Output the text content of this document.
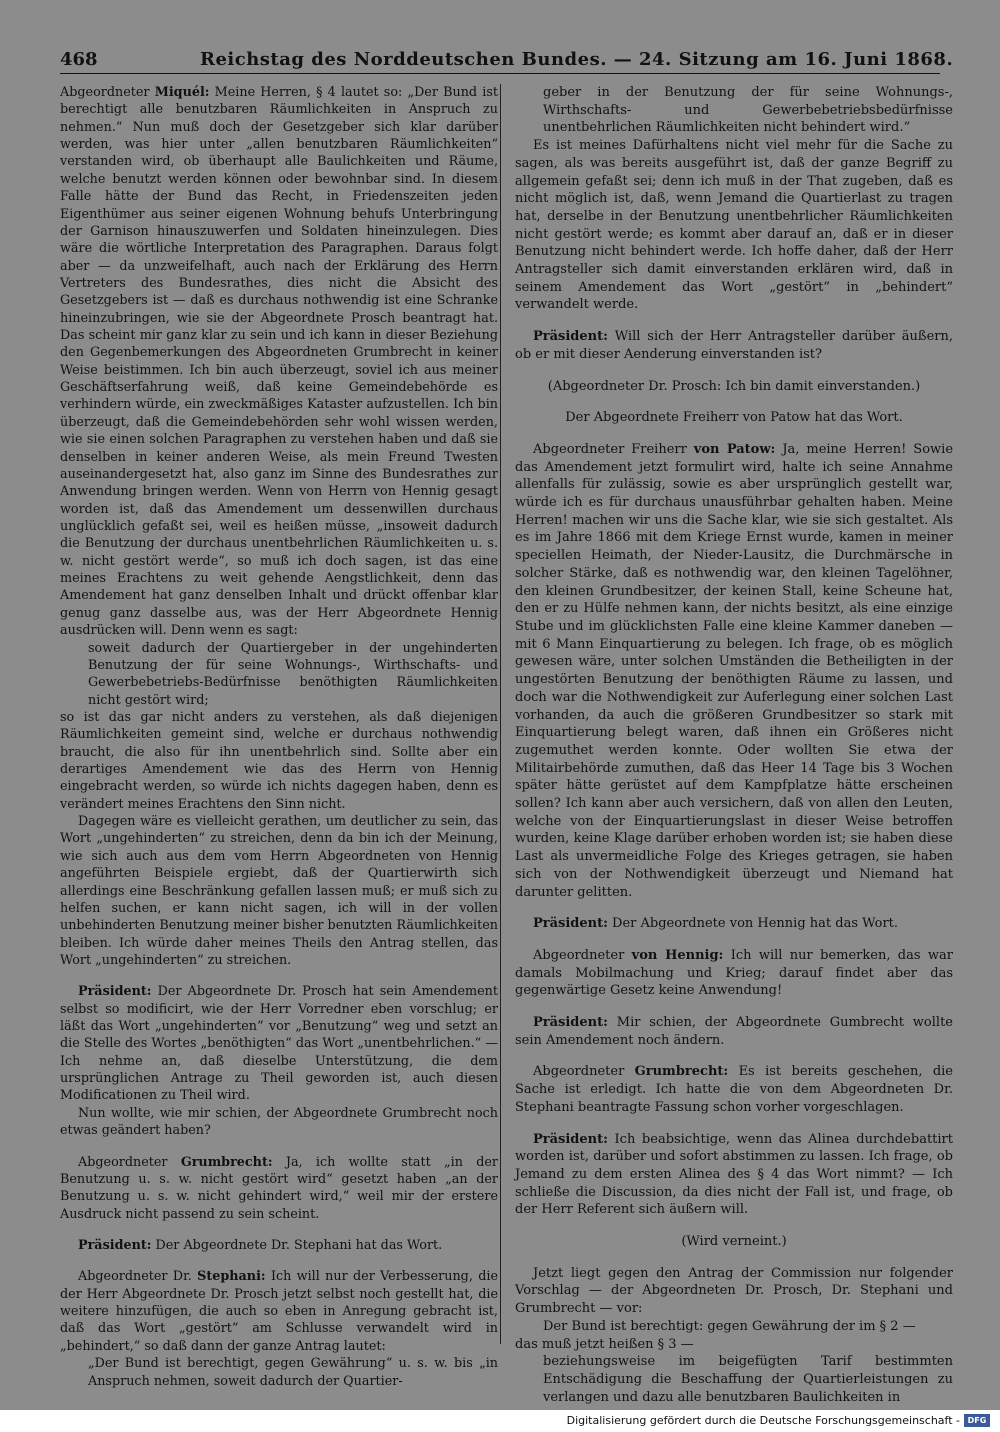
468	Reichstag des Norddeutschen Bundes. — 24. Sitzung am 16. Juni 1868.

Abgeordneter Miquél: Meine Herren, § 4 lautet so: „Der Bund ist berechtigt alle benutzbaren Räumlichkeiten in Anspruch zu nehmen.“ Nun muß doch der Gesetzgeber sich klar darüber werden, was hier unter „allen benutzbaren Räumlichkeiten“ verstanden wird, ob überhaupt alle Baulichkeiten und Räume, welche benutzt werden können oder bewohnbar sind. In diesem Falle hätte der Bund das Recht, in Friedenszeiten jeden Eigenthümer aus seiner eigenen Wohnung behufs Unterbringung der Garnison hinauszuwerfen und Soldaten hineinzulegen. Dies wäre die wörtliche Interpretation des Paragraphen. Daraus folgt aber — da unzweifelhaft, auch nach der Erklärung des Herrn Vertreters des Bundesrathes, dies nicht die Absicht des Gesetzgebers ist — daß es durchaus nothwendig ist eine Schranke hineinzubringen, wie sie der Abgeordnete Prosch beantragt hat. Das scheint mir ganz klar zu sein und ich kann in dieser Beziehung den Gegenbemerkungen des Abgeordneten Grumbrecht in keiner Weise beistimmen. Ich bin auch überzeugt, soviel ich aus meiner Geschäftserfahrung weiß, daß keine Gemeindebehörde es verhindern würde, ein zweckmäßiges Kataster aufzustellen. Ich bin überzeugt, daß die Gemeindebehörden sehr wohl wissen werden, wie sie einen solchen Paragraphen zu verstehen haben und daß sie denselben in keiner anderen Weise, als mein Freund Twesten auseinandergesetzt hat, also ganz im Sinne des Bundesrathes zur Anwendung bringen werden. Wenn von Herrn von Hennig gesagt worden ist, daß das Amendement um dessenwillen durchaus unglücklich gefaßt sei, weil es heißen müsse, „insoweit dadurch die Benutzung der durchaus unentbehrlichen Räumlichkeiten u. s. w. nicht gestört werde“, so muß ich doch sagen, ist das eine meines Erachtens zu weit gehende Aengstlichkeit, denn das Amendement hat ganz denselben Inhalt und drückt offenbar klar genug ganz dasselbe aus, was der Herr Abgeordnete Hennig ausdrücken will. Denn wenn es sagt:

soweit dadurch der Quartiergeber in der ungehinderten Benutzung der für seine Wohnungs-, Wirthschafts- und Gewerbebetriebs-Bedürfnisse benöthigten Räumlichkeiten nicht gestört wird;

so ist das gar nicht anders zu verstehen, als daß diejenigen Räumlichkeiten gemeint sind, welche er durchaus nothwendig braucht, die also für ihn unentbehrlich sind. Sollte aber ein derartiges Amendement wie das des Herrn von Hennig eingebracht werden, so würde ich nichts dagegen haben, denn es verändert meines Erachtens den Sinn nicht.

Dagegen wäre es vielleicht gerathen, um deutlicher zu sein, das Wort „ungehinderten“ zu streichen, denn da bin ich der Meinung, wie sich auch aus dem vom Herrn Abgeordneten von Hennig angeführten Beispiele ergiebt, daß der Quartierwirth sich allerdings eine Beschränkung gefallen lassen muß; er muß sich zu helfen suchen, er kann nicht sagen, ich will in der vollen unbehinderten Benutzung meiner bisher benutzten Räumlichkeiten bleiben. Ich würde daher meines Theils den Antrag stellen, das Wort „ungehinderten“ zu streichen.

Präsident: Der Abgeordnete Dr. Prosch hat sein Amendement selbst so modificirt, wie der Herr Vorredner eben vorschlug; er läßt das Wort „ungehinderten“ vor „Benutzung“ weg und setzt an die Stelle des Wortes „benöthigten“ das Wort „unentbehrlichen.“ — Ich nehme an, daß dieselbe Unterstützung, die dem ursprünglichen Antrage zu Theil geworden ist, auch diesen Modificationen zu Theil wird.

Nun wollte, wie mir schien, der Abgeordnete Grumbrecht noch etwas geändert haben?

Abgeordneter Grumbrecht: Ja, ich wollte statt „in der Benutzung u. s. w. nicht gestört wird“ gesetzt haben „an der Benutzung u. s. w. nicht gehindert wird,“ weil mir der erstere Ausdruck nicht passend zu sein scheint.

Präsident: Der Abgeordnete Dr. Stephani hat das Wort.

Abgeordneter Dr. Stephani: Ich will nur der Verbesserung, die der Herr Abgeordnete Dr. Prosch jetzt selbst noch gestellt hat, die weitere hinzufügen, die auch so eben in Anregung gebracht ist, daß das Wort „gestört“ am Schlusse verwandelt wird in „behindert,“ so daß dann der ganze Antrag lautet:

„Der Bund ist berechtigt, gegen Gewährung“ u. s. w. bis „in Anspruch nehmen, soweit dadurch der Quartier-

geber in der Benutzung der für seine Wohnungs-, Wirthschafts- und Gewerbebetriebsbedürfnisse unentbehrlichen Räumlichkeiten nicht behindert wird.“

Es ist meines Dafürhaltens nicht viel mehr für die Sache zu sagen, als was bereits ausgeführt ist, daß der ganze Begriff zu allgemein gefaßt sei; denn ich muß in der That zugeben, daß es nicht möglich ist, daß, wenn Jemand die Quartierlast zu tragen hat, derselbe in der Benutzung unentbehrlicher Räumlichkeiten nicht gestört werde; es kommt aber darauf an, daß er in dieser Benutzung nicht behindert werde. Ich hoffe daher, daß der Herr Antragsteller sich damit einverstanden erklären wird, daß in seinem Amendement das Wort „gestört“ in „behindert“ verwandelt werde.

Präsident: Will sich der Herr Antragsteller darüber äußern, ob er mit dieser Aenderung einverstanden ist?

(Abgeordneter Dr. Prosch: Ich bin damit einverstanden.)

Der Abgeordnete Freiherr von Patow hat das Wort.

Abgeordneter Freiherr von Patow: Ja, meine Herren! Sowie das Amendement jetzt formulirt wird, halte ich seine Annahme allenfalls für zulässig, sowie es aber ursprünglich gestellt war, würde ich es für durchaus unausführbar gehalten haben. Meine Herren! machen wir uns die Sache klar, wie sie sich gestaltet. Als es im Jahre 1866 mit dem Kriege Ernst wurde, kamen in meiner speciellen Heimath, der Nieder-Lausitz, die Durchmärsche in solcher Stärke, daß es nothwendig war, den kleinen Tagelöhner, den kleinen Grundbesitzer, der keinen Stall, keine Scheune hat, den er zu Hülfe nehmen kann, der nichts besitzt, als eine einzige Stube und im glücklichsten Falle eine kleine Kammer daneben — mit 6 Mann Einquartierung zu belegen. Ich frage, ob es möglich gewesen wäre, unter solchen Umständen die Betheiligten in der ungestörten Benutzung der benöthigten Räume zu lassen, und doch war die Nothwendigkeit zur Auferlegung einer solchen Last vorhanden, da auch die größeren Grundbesitzer so stark mit Einquartierung belegt waren, daß ihnen ein Größeres nicht zugemuthet werden konnte. Oder wollten Sie etwa der Militairbehörde zumuthen, daß das Heer 14 Tage bis 3 Wochen später hätte gerüstet auf dem Kampfplatze hätte erscheinen sollen? Ich kann aber auch versichern, daß von allen den Leuten, welche von der Einquartierungslast in dieser Weise betroffen wurden, keine Klage darüber erhoben worden ist; sie haben diese Last als unvermeidliche Folge des Krieges getragen, sie haben sich von der Nothwendigkeit überzeugt und Niemand hat darunter gelitten.

Präsident: Der Abgeordnete von Hennig hat das Wort.

Abgeordneter von Hennig: Ich will nur bemerken, das war damals Mobilmachung und Krieg; darauf findet aber das gegenwärtige Gesetz keine Anwendung!

Präsident: Mir schien, der Abgeordnete Gumbrecht wollte sein Amendement noch ändern.

Abgeordneter Grumbrecht: Es ist bereits geschehen, die Sache ist erledigt. Ich hatte die von dem Abgeordneten Dr. Stephani beantragte Fassung schon vorher vorgeschlagen.

Präsident: Ich beabsichtige, wenn das Alinea durchdebattirt worden ist, darüber und sofort abstimmen zu lassen. Ich frage, ob Jemand zu dem ersten Alinea des § 4 das Wort nimmt? — Ich schließe die Discussion, da dies nicht der Fall ist, und frage, ob der Herr Referent sich äußern will.

(Wird verneint.)

Jetzt liegt gegen den Antrag der Commission nur folgender Vorschlag — der Abgeordneten Dr. Prosch, Dr. Stephani und Grumbrecht — vor:

Der Bund ist berechtigt: gegen Gewährung der im § 2 —

das muß jetzt heißen § 3 —

beziehungsweise im beigefügten Tarif bestimmten Entschädigung die Beschaffung der Quartierleistungen zu verlangen und dazu alle benutzbaren Baulichkeiten in

Digitalisierung gefördert durch die Deutsche Forschungsgemeinschaft - DFG
